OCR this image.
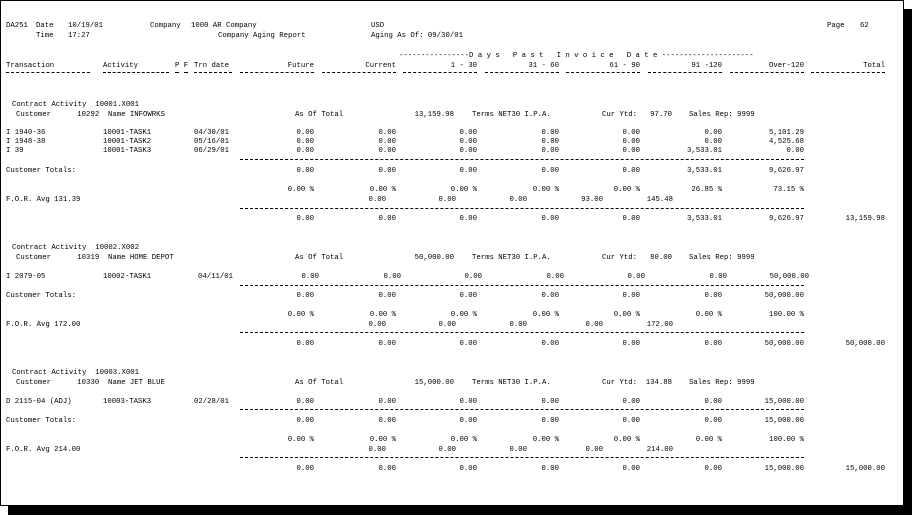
DA251 Date 10/19/01
Time 17:27
Company 1000 AR Company
Company Aging Report
USD
Aging As Of: 09/30/01
Page 62
----------------D a y s   P a s t   I n v o i c e   D a t e ---------------------
Transaction	Activity	P F Trn date	Future	Current	1 - 30	31 - 60	61 - 90	91 -120	Over-120	Total
Contract Activity  10001.X001
Customer      10292  Name INFOWRKS	As Of Total	13,159.98 Terms NET30 I.P.A.	Cur Ytd:   97.70 Sales Rep: 9999
I 1940-36	10001-TASK1	04/30/01	0.00	0.00	0.00	0.00	0.00	0.00	5,101.29
I 1948-38	10001-TASK2	05/16/01	0.00	0.00	0.00	0.00	0.00	0.00	4,525.68
I 39	10001-TASK3	06/29/01	0.00	0.00	0.00	0.00	0.00	3,533.01	0.00
Customer Totals:	0.00	0.00	0.00	0.00	0.00	3,533.01	9,626.97
0.00 %	0.00 %	0.00 %	0.00 %	0.00 %	26.85 %	73.15 %
F.O.R. Avg 131.39	0.00	0.00	0.00	93.00	145.48
0.00	0.00	0.00	0.00	0.00	3,533.01	9,626.97	13,159.98
Contract Activity  10002.X002
Customer      10319  Name HOME DEPOT	As Of Total	50,000.00 Terms NET30 I.P.A.	Cur Ytd:   80.00 Sales Rep: 9999
I 2079-05	10002-TASK1	04/11/01	0.00	0.00	0.00	0.00	0.00	0.00	50,000.00
Customer Totals:	0.00	0.00	0.00	0.00	0.00	0.00	50,000.00
0.00 %	0.00 %	0.00 %	0.00 %	0.00 %	0.00 %	100.00 %
F.O.R. Avg 172.00	0.00	0.00	0.00	0.00	172.00
0.00	0.00	0.00	0.00	0.00	0.00	50,000.00	50,000.00
Contract Activity  10003.X001
Customer      10330  Name JET BLUE	As Of Total	15,000.00 Terms NET30 I.P.A.	Cur Ytd:  134.88 Sales Rep: 9999
D 2115-04 (ADJ)	10003-TASK3	02/28/01	0.00	0.00	0.00	0.00	0.00	0.00	15,000.00
Customer Totals:	0.00	0.00	0.00	0.00	0.00	0.00	15,000.00
0.00 %	0.00 %	0.00 %	0.00 %	0.00 %	0.00 %	100.00 %
F.O.R. Avg 214.00	0.00	0.00	0.00	0.00	214.00
0.00	0.00	0.00	0.00	0.00	0.00	15,000.00	15,000.00
